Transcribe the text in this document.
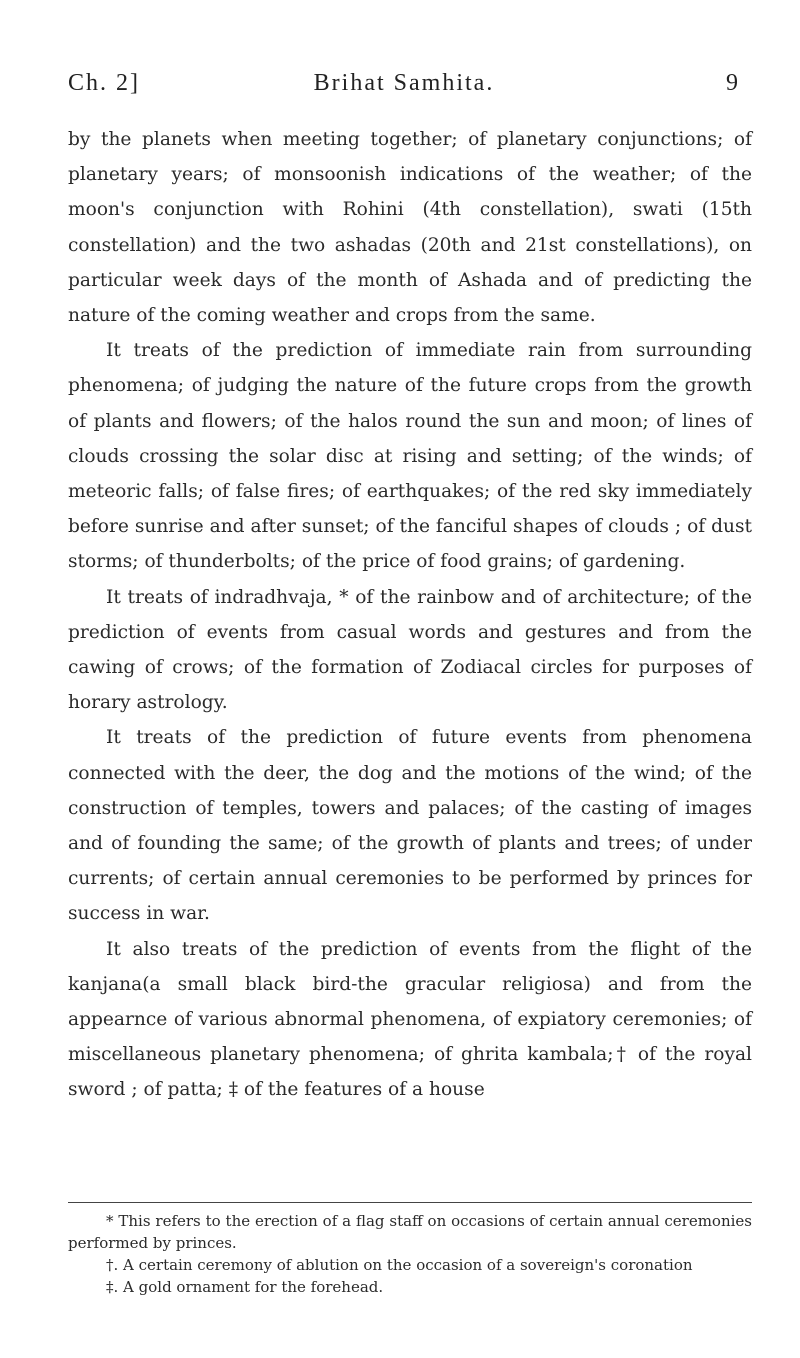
Ch. 2]	Brihat Samhita.	9

by the planets when meeting together; of planetary conjunctions; of planetary years; of monsoonish indications of the weather; of the moon's conjunction with Rohini (4th constellation), swati (15th constellation) and the two ashadas (20th and 21st constellations), on particular week days of the month of Ashada and of predicting the nature of the coming weather and crops from the same.

It treats of the prediction of immediate rain from surrounding phenomena; of judging the nature of the future crops from the growth of plants and flowers; of the halos round the sun and moon; of lines of clouds crossing the solar disc at rising and setting; of the winds; of meteoric falls; of false fires; of earthquakes; of the red sky immediately before sunrise and after sunset; of the fanciful shapes of clouds ; of dust storms; of thunderbolts; of the price of food grains; of gardening.

It treats of indradhvaja, * of the rainbow and of architecture; of the prediction of events from casual words and gestures and from the cawing of crows; of the formation of Zodiacal circles for purposes of horary astrology.

It treats of the prediction of future events from phenomena connected with the deer, the dog and the motions of the wind; of the construction of temples, towers and palaces; of the casting of images and of founding the same; of the growth of plants and trees; of under currents; of certain annual ceremonies to be performed by princes for success in war.

It also treats of the prediction of events from the flight of the kanjana(a small black bird-the gracular religiosa) and from the appearnce of various abnormal phenomena, of expiatory ceremonies; of miscellaneous planetary phenomena; of ghrita kambala;† of the royal sword ; of patta; ‡ of the features of a house

* This refers to the erection of a flag staff on occasions of certain annual ceremonies performed by princes.

†. A certain ceremony of ablution on the occasion of a sovereign's coronation

‡. A gold ornament for the forehead.
